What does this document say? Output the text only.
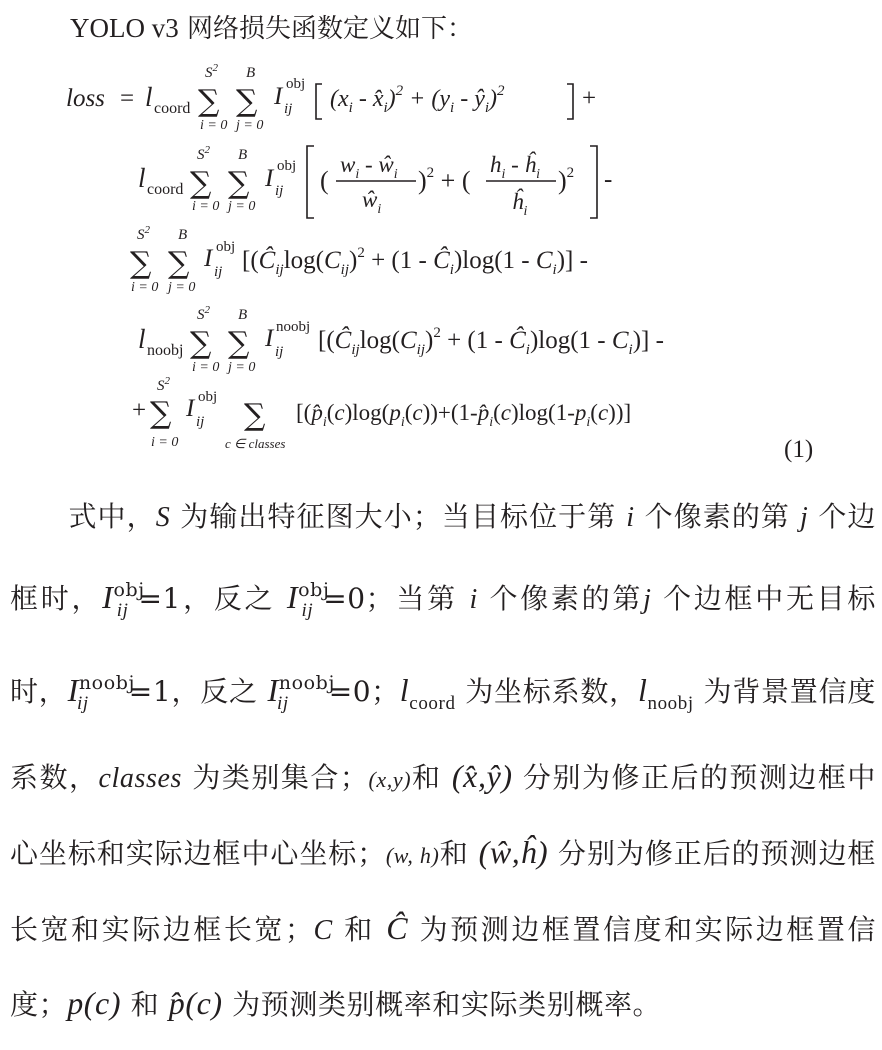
YOLO v3 网络损失函数定义如下：
loss = l coord ∑
$S^2$
i = 0
∑
B
j = 0
I obj
ij ($x_i$ - $x̂_i)^2 + (y_i$ - $ŷ_i)^2$	+
l coord ∑
$S^2$
i = 0
∑
B
j = 0
I obj
ij (
$w_i$ - $ŵ_i$
$ŵ_i$
)$^2$ + (
$h_i$ - $ĥ_i$
$ĥ_i$
)$^2$ -
∑
$S^2$
i = 0
∑
B
j = 0
I obj
ij [($Ĉ_{ij}\log(C_{ij})^2 + (1$ - $Ĉ_i)\log(1 - C_i)$] -
l noobj ∑
$S^2$
i = 0
∑
B
j = 0
I noobj
ij [($Ĉ_{ij}\log(C_{ij})^2 + (1$ - $Ĉ_i)\log(1 - C_i)$] -
+ ∑
$S^2$
i = 0
I obj
ij ∑
c ∈ classes
[($p̂_i(c)\log(p_i(c))+(1-p̂_i(c)\log(1-p_i(c))]$
(1)
式中，S 为输出特征图大小；当目标位于第 i 个像素的第 j 个边框时，$I^{obj}_{ij} =1$，反之 $I^{obj}_{ij} =0$；当第 i 个像素的第j 个边框中无目标时，$I^{noobj}_{ij} =1$，反之 $I^{noobj}_{ij} =0$；$l_{coord}$ 为坐标系数，$l_{noobj}$ 为背景置信度系数，classes 为类别集合；(x,y)和 (x̂,ŷ) 分别为修正后的预测边框中心坐标和实际边框中心坐标；(w, h)和 (ŵ,ĥ) 分别为修正后的预测边框长宽和实际边框长宽；C 和 Ĉ 为预测边框置信度和实际边框置信度；p(c) 和 p̂(c) 为预测类别概率和实际类别概率。
